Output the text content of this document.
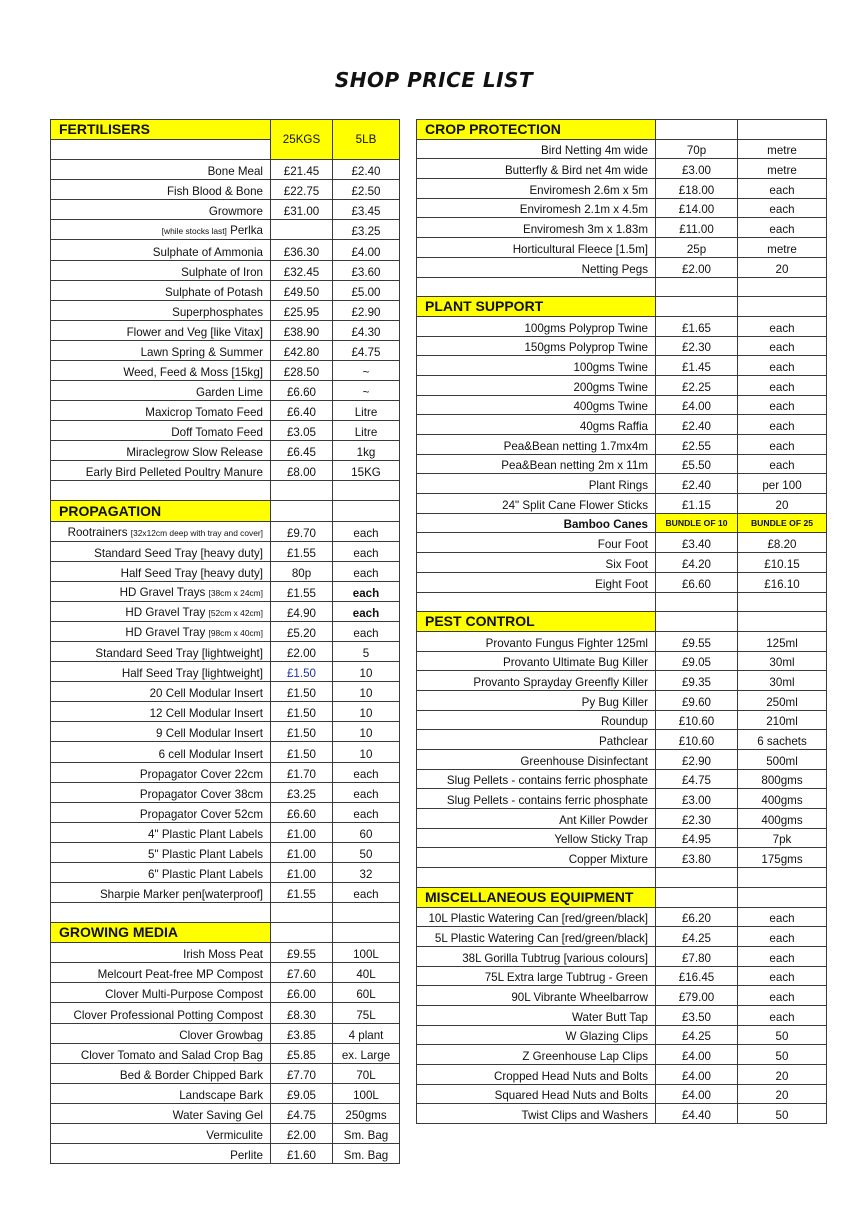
SHOP PRICE LIST
FERTILISERS	25KGS	5LB

Bone Meal	£21.45	£2.40
Fish Blood & Bone	£22.75	£2.50
Growmore	£31.00	£3.45
[while stocks last] Perlka		£3.25
Sulphate of Ammonia	£36.30	£4.00
Sulphate of Iron	£32.45	£3.60
Sulphate of Potash	£49.50	£5.00
Superphosphates	£25.95	£2.90
Flower and Veg [like Vitax]	£38.90	£4.30
Lawn Spring & Summer	£42.80	£4.75
Weed, Feed & Moss [15kg]	£28.50	~
Garden Lime	£6.60	~
Maxicrop Tomato Feed	£6.40	Litre
Doff Tomato Feed	£3.05	Litre
Miraclegrow Slow Release	£6.45	1kg
Early Bird Pelleted Poultry Manure	£8.00	15KG

PROPAGATION		
Rootrainers [32x12cm deep with tray and cover]	£9.70	each
Standard Seed Tray [heavy duty]	£1.55	each
Half Seed Tray [heavy duty]	80p	each
HD Gravel Trays [38cm x 24cm]	£1.55	each
HD Gravel Tray [52cm x 42cm]	£4.90	each
HD Gravel Tray [98cm x 40cm]	£5.20	each
Standard Seed Tray [lightweight]	£2.00	5
Half Seed Tray [lightweight]	£1.50	10
20 Cell Modular Insert	£1.50	10
12 Cell Modular Insert	£1.50	10
9 Cell Modular Insert	£1.50	10
6 cell Modular Insert	£1.50	10
Propagator Cover 22cm	£1.70	each
Propagator Cover 38cm	£3.25	each
Propagator Cover 52cm	£6.60	each
4" Plastic Plant Labels	£1.00	60
5" Plastic Plant Labels	£1.00	50
6" Plastic Plant Labels	£1.00	32
Sharpie Marker pen[waterproof]	£1.55	each

GROWING MEDIA		
Irish Moss Peat	£9.55	100L
Melcourt Peat-free MP Compost	£7.60	40L
Clover Multi-Purpose Compost	£6.00	60L
Clover Professional Potting Compost	£8.30	75L
Clover Growbag	£3.85	4 plant
Clover Tomato and Salad Crop Bag	£5.85	ex. Large
Bed & Border Chipped Bark	£7.70	70L
Landscape Bark	£9.05	100L
Water Saving Gel	£4.75	250gms
Vermiculite	£2.00	Sm. Bag
Perlite	£1.60	Sm. Bag
CROP PROTECTION		
Bird Netting 4m wide	70p	metre
Butterfly & Bird net 4m wide	£3.00	metre
Enviromesh 2.6m x 5m	£18.00	each
Enviromesh 2.1m x 4.5m	£14.00	each
Enviromesh 3m x 1.83m	£11.00	each
Horticultural Fleece [1.5m]	25p	metre
Netting Pegs	£2.00	20

PLANT SUPPORT		
100gms Polyprop Twine	£1.65	each
150gms Polyprop Twine	£2.30	each
100gms Twine	£1.45	each
200gms Twine	£2.25	each
400gms Twine	£4.00	each
40gms Raffia	£2.40	each
Pea&Bean netting 1.7mx4m	£2.55	each
Pea&Bean netting 2m x 11m	£5.50	each
Plant Rings	£2.40	per 100
24" Split Cane Flower Sticks	£1.15	20
Bamboo Canes	BUNDLE OF 10	BUNDLE OF 25
Four Foot	£3.40	£8.20
Six Foot	£4.20	£10.15
Eight Foot	£6.60	£16.10

PEST CONTROL		
Provanto Fungus Fighter 125ml	£9.55	125ml
Provanto Ultimate Bug Killer	£9.05	30ml
Provanto Sprayday Greenfly Killer	£9.35	30ml
Py Bug Killer	£9.60	250ml
Roundup	£10.60	210ml
Pathclear	£10.60	6 sachets
Greenhouse Disinfectant	£2.90	500ml
Slug Pellets - contains ferric phosphate	£4.75	800gms
Slug Pellets - contains ferric phosphate	£3.00	400gms
Ant Killer Powder	£2.30	400gms
Yellow Sticky Trap	£4.95	7pk
Copper Mixture	£3.80	175gms

MISCELLANEOUS EQUIPMENT		
10L Plastic Watering Can [red/green/black]	£6.20	each
5L Plastic Watering Can [red/green/black]	£4.25	each
38L Gorilla Tubtrug [various colours]	£7.80	each
75L Extra large Tubtrug - Green	£16.45	each
90L Vibrante Wheelbarrow	£79.00	each
Water Butt Tap	£3.50	each
W Glazing Clips	£4.25	50
Z Greenhouse Lap Clips	£4.00	50
Cropped Head Nuts and Bolts	£4.00	20
Squared Head Nuts and Bolts	£4.00	20
Twist Clips and Washers	£4.40	50
